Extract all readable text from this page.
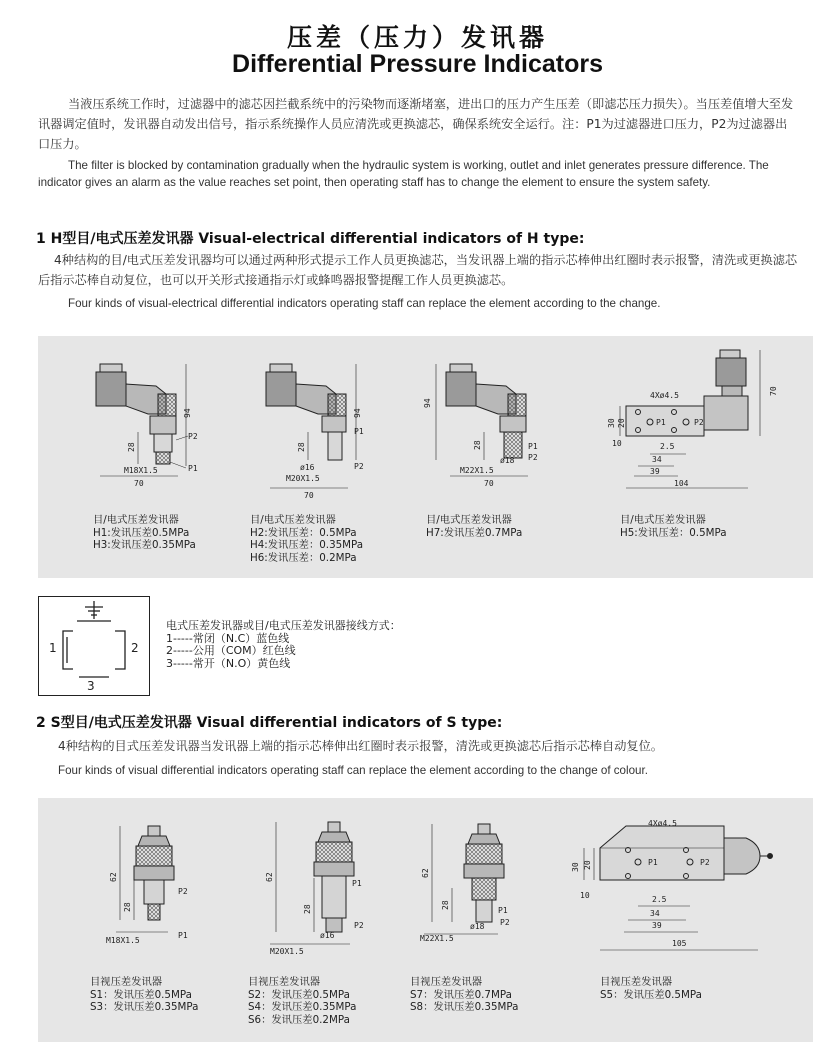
压差（压力）发讯器
Differential Pressure Indicators
当液压系统工作时，过滤器中的滤芯因拦截系统中的污染物而逐渐堵塞，进出口的压力产生压差（即滤芯压力损失）。当压差值增大至发讯器调定值时，发讯器自动发出信号，指示系统操作人员应清洗或更换滤芯，确保系统安全运行。注：P1为过滤器进口压力，P2为过滤器出口压力。
The filter is blocked by contamination gradually when the hydraulic system is working, outlet and inlet generates pressure difference. The indicator gives an alarm as the value reaches set point, then operating staff has to change the element to ensure the system safety.
1 H型目/电式压差发讯器 Visual-electrical differential indicators of H type:
4种结构的目/电式压差发讯器均可以通过两种形式提示工作人员更换滤芯，当发讯器上端的指示芯棒伸出红圈时表示报警，清洗或更换滤芯后指示芯棒自动复位，也可以开关形式接通指示灯或蜂鸣器报警提醒工作人员更换滤芯。
Four kinds of visual-electrical differential indicators operating staff can replace the element according to the change.
94
28
P2
P1
M18X1.5
70
94
28
P1
P2
ø16
M20X1.5
70
94
28	P1
P2
ø18
M22X1.5
70
70
4Xø4.5
30 20	P1	P2
10	2.5
34
39
104
目/电式压差发讯器
H1:发讯压差0.5MPa
H3:发讯压差0.35MPa
目/电式压差发讯器
H2:发讯压差：0.5MPa
H4:发讯压差：0.35MPa
H6:发讯压差：0.2MPa
目/电式压差发讯器
H7:发讯压差0.7MPa
目/电式压差发讯器
H5:发讯压差：0.5MPa
1	2
3
电式压差发讯器或目/电式压差发讯器接线方式：
1-----常闭（N.C）蓝色线
2-----公用（COM）红色线
3-----常开（N.O）黄色线
2 S型目/电式压差发讯器 Visual differential indicators of S type:
4种结构的目式压差发讯器当发讯器上端的指示芯棒伸出红圈时表示报警，清洗或更换滤芯后指示芯棒自动复位。
Four kinds of visual differential indicators operating staff can replace the element according to the change of colour.
62
28
P2
P1
M18X1.5
62
28
P1
P2
ø16
M20X1.5
62
28
P1
P2
ø18
M22X1.5
4Xø4.5
30 20	P1	P2
10	2.5
34
39
105
目视压差发讯器
S1：发讯压差0.5MPa
S3：发讯压差0.35MPa
目视压差发讯器
S2：发讯压差0.5MPa
S4：发讯压差0.35MPa
S6：发讯压差0.2MPa
目视压差发讯器
S7：发讯压差0.7MPa
S8：发讯压差0.35MPa
目视压差发讯器
S5：发讯压差0.5MPa
